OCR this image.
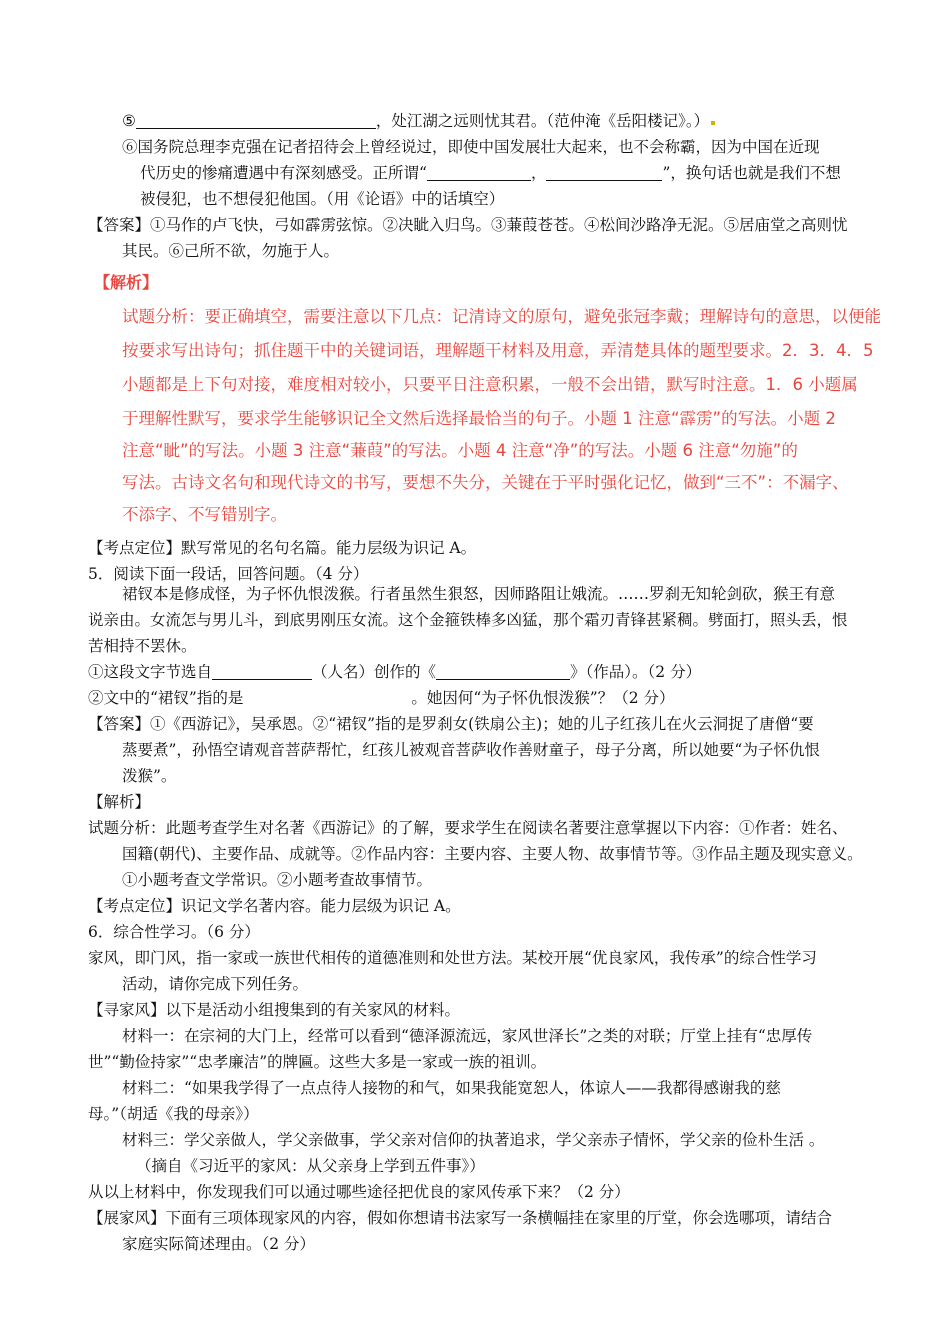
⑤	，处江湖之远则忧其君。（范仲淹《岳阳楼记》。）
⑥国务院总理李克强在记者招待会上曾经说过，即使中国发展壮大起来，也不会称霸，因为中国在近现
代历史的惨痛遭遇中有深刻感受。正所谓“	，	”，换句话也就是我们不想
被侵犯，也不想侵犯他国。（用《论语》中的话填空）
【答案】①马作的卢飞快，弓如霹雳弦惊。②决眦入归鸟。③蒹葭苍苍。④松间沙路净无泥。⑤居庙堂之高则忧
其民。⑥己所不欲，勿施于人。
【解析】
试题分析：要正确填空，需要注意以下几点：记清诗文的原句，避免张冠李戴；理解诗句的意思，以便能
按要求写出诗句；抓住题干中的关键词语，理解题干材料及用意，弄清楚具体的题型要求。2．3．4．5
小题都是上下句对接，难度相对较小，只要平日注意积累，一般不会出错，默写时注意。1．6 小题属
于理解性默写，要求学生能够识记全文然后选择最恰当的句子。小题 1 注意“霹雳”的写法。小题 2
注意“眦”的写法。小题 3 注意“蒹葭”的写法。小题 4 注意“净”的写法。小题 6 注意“勿施”的
写法。古诗文名句和现代诗文的书写，要想不失分，关键在于平时强化记忆，做到“三不”：不漏字、
不添字、不写错别字。
【考点定位】默写常见的名句名篇。能力层级为识记 A。
5．阅读下面一段话，回答问题。（4 分）
裙钗本是修成怪，为子怀仇恨泼猴。行者虽然生狠怒，因师路阻让娥流。……罗刹无知轮剑砍，猴王有意
说亲由。女流怎与男儿斗，到底男刚压女流。这个金箍铁棒多凶猛，那个霜刃青锋甚紧稠。劈面打，照头丢，恨
苦相持不罢休。
①这段文字节选自	（人名）创作的《	》（作品）。（2 分）
②文中的“裙钗”指的是	。她因何“为子怀仇恨泼猴”？（2 分）
【答案】①《西游记》，吴承恩。②“裙钗”指的是罗刹女(铁扇公主)；她的儿子红孩儿在火云洞捉了唐僧“要
蒸要煮”，孙悟空请观音菩萨帮忙，红孩儿被观音菩萨收作善财童子，母子分离，所以她要“为子怀仇恨
泼猴”。
【解析】
试题分析：此题考查学生对名著《西游记》的了解，要求学生在阅读名著要注意掌握以下内容：①作者：姓名、
国籍(朝代)、主要作品、成就等。②作品内容：主要内容、主要人物、故事情节等。③作品主题及现实意义。
①小题考查文学常识。②小题考查故事情节。
【考点定位】识记文学名著内容。能力层级为识记 A。
6．综合性学习。（6 分）
家风，即门风，指一家或一族世代相传的道德准则和处世方法。某校开展“优良家风，我传承”的综合性学习
活动，请你完成下列任务。
【寻家风】以下是活动小组搜集到的有关家风的材料。
材料一：在宗祠的大门上，经常可以看到“德泽源流远，家风世泽长”之类的对联；厅堂上挂有“忠厚传
世”“勤俭持家”“忠孝廉洁”的牌匾。这些大多是一家或一族的祖训。
材料二：“如果我学得了一点点待人接物的和气，如果我能宽恕人，体谅人——我都得感谢我的慈
母。”（胡适《我的母亲》）
材料三：学父亲做人，学父亲做事，学父亲对信仰的执著追求，学父亲赤子情怀，学父亲的俭朴生活 。
（摘自《习近平的家风：从父亲身上学到五件事》）
从以上材料中，你发现我们可以通过哪些途径把优良的家风传承下来？（2 分）
【展家风】下面有三项体现家风的内容，假如你想请书法家写一条横幅挂在家里的厅堂，你会选哪项，请结合
家庭实际简述理由。（2 分）
